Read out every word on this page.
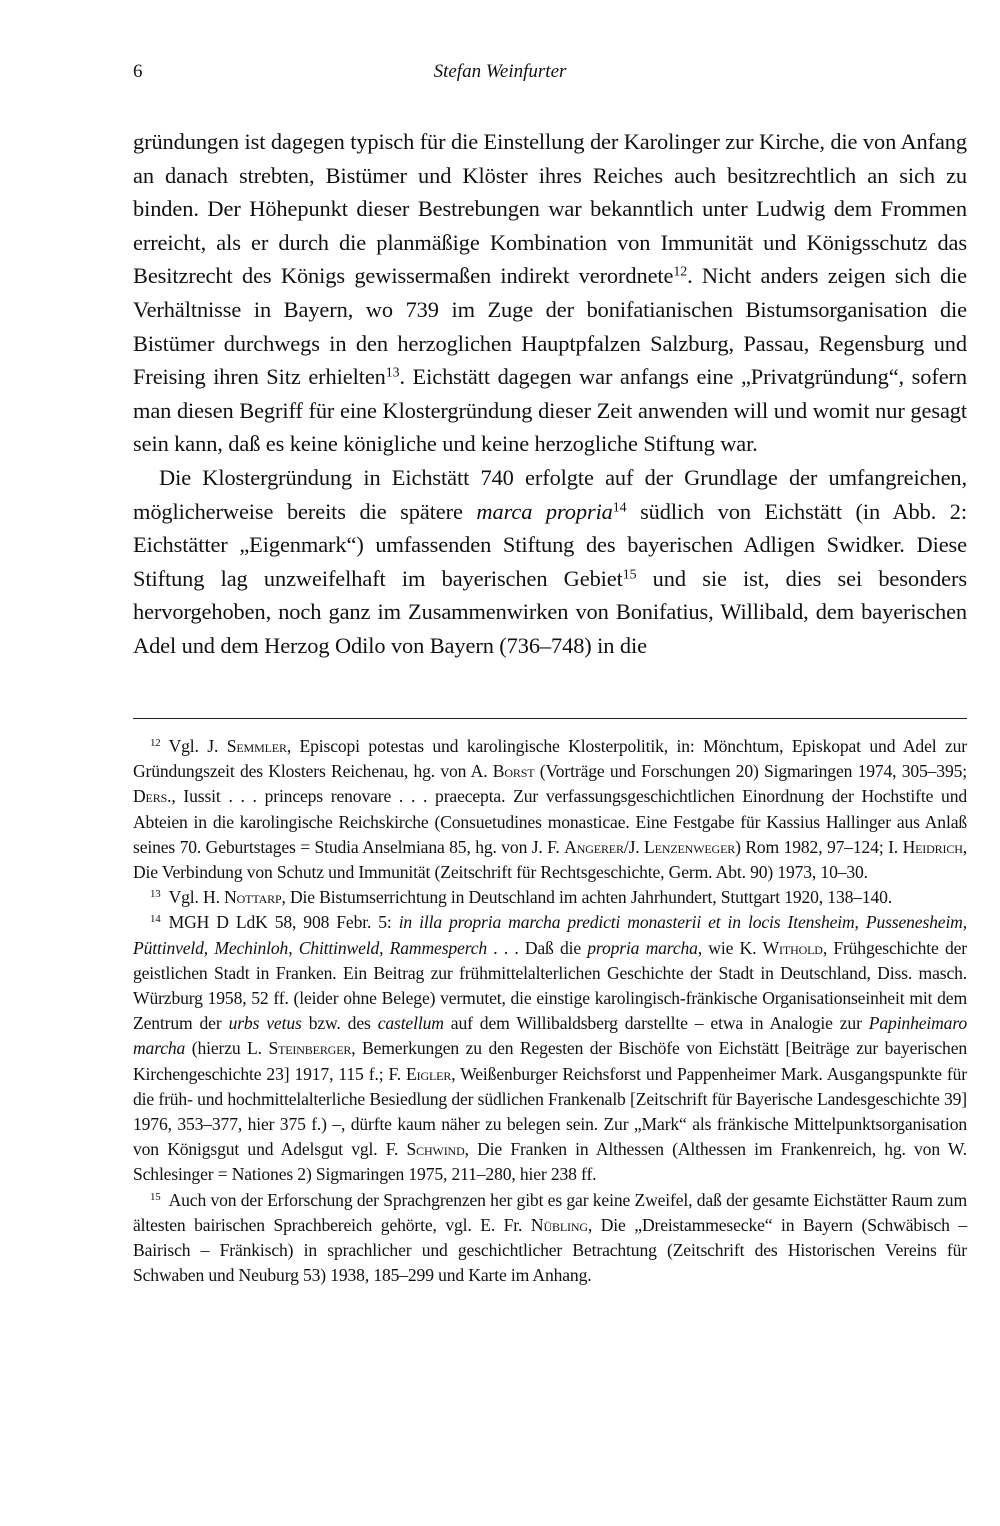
6	Stefan Weinfurter

gründungen ist dagegen typisch für die Einstellung der Karolinger zur Kirche, die von Anfang an danach strebten, Bistümer und Klöster ihres Reiches auch besitzrechtlich an sich zu binden. Der Höhepunkt dieser Bestrebungen war bekanntlich unter Ludwig dem Frommen erreicht, als er durch die planmäßige Kombination von Immunität und Königsschutz das Besitzrecht des Königs gewissermaßen indirekt verordnete$^{12}$. Nicht anders zeigen sich die Verhältnisse in Bayern, wo 739 im Zuge der bonifatianischen Bistumsorganisation die Bistümer durchwegs in den herzoglichen Hauptpfalzen Salzburg, Passau, Regensburg und Freising ihren Sitz erhielten$^{13}$. Eichstätt dagegen war anfangs eine „Privatgründung“, sofern man diesen Begriff für eine Klostergründung dieser Zeit anwenden will und womit nur gesagt sein kann, daß es keine königliche und keine herzogliche Stiftung war.

Die Klostergründung in Eichstätt 740 erfolgte auf der Grundlage der umfangreichen, möglicherweise bereits die spätere marca propria$^{14}$ südlich von Eichstätt (in Abb. 2: Eichstätter „Eigenmark“) umfassenden Stiftung des bayerischen Adligen Swidker. Diese Stiftung lag unzweifelhaft im bayerischen Gebiet$^{15}$ und sie ist, dies sei besonders hervorgehoben, noch ganz im Zusammenwirken von Bonifatius, Willibald, dem bayerischen Adel und dem Herzog Odilo von Bayern (736–748) in die

$^{12}$ Vgl. J. Semmler, Episcopi potestas und karolingische Klosterpolitik, in: Mönchtum, Episkopat und Adel zur Gründungszeit des Klosters Reichenau, hg. von A. Borst (Vorträge und Forschungen 20) Sigmaringen 1974, 305–395; Ders., Iussit . . . princeps renovare . . . praecepta. Zur verfassungsgeschichtlichen Einordnung der Hochstifte und Abteien in die karolingische Reichskirche (Consuetudines monasticae. Eine Festgabe für Kassius Hallinger aus Anlaß seines 70. Geburtstages = Studia Anselmiana 85, hg. von J. F. Angerer/J. Lenzenweger) Rom 1982, 97–124; I. Heidrich, Die Verbindung von Schutz und Immunität (Zeitschrift für Rechtsgeschichte, Germ. Abt. 90) 1973, 10–30.

$^{13}$ Vgl. H. Nottarp, Die Bistumserrichtung in Deutschland im achten Jahrhundert, Stuttgart 1920, 138–140.

$^{14}$ MGH D LdK 58, 908 Febr. 5: in illa propria marcha predicti monasterii et in locis Itensheim, Pussenesheim, Püttinveld, Mechinloh, Chittinweld, Rammesperch . . . Daß die propria marcha, wie K. Withold, Frühgeschichte der geistlichen Stadt in Franken. Ein Beitrag zur frühmittelalterlichen Geschichte der Stadt in Deutschland, Diss. masch. Würzburg 1958, 52 ff. (leider ohne Belege) vermutet, die einstige karolingisch-fränkische Organisationseinheit mit dem Zentrum der urbs vetus bzw. des castellum auf dem Willibaldsberg darstellte – etwa in Analogie zur Papinheimaro marcha (hierzu L. Steinberger, Bemerkungen zu den Regesten der Bischöfe von Eichstätt [Beiträge zur bayerischen Kirchengeschichte 23] 1917, 115 f.; F. Eigler, Weißenburger Reichsforst und Pappenheimer Mark. Ausgangspunkte für die früh- und hochmittelalterliche Besiedlung der südlichen Frankenalb [Zeitschrift für Bayerische Landesgeschichte 39] 1976, 353–377, hier 375 f.) –, dürfte kaum näher zu belegen sein. Zur „Mark“ als fränkische Mittelpunktsorganisation von Königsgut und Adelsgut vgl. F. Schwind, Die Franken in Althessen (Althessen im Frankenreich, hg. von W. Schlesinger = Nationes 2) Sigmaringen 1975, 211–280, hier 238 ff.

$^{15}$ Auch von der Erforschung der Sprachgrenzen her gibt es gar keine Zweifel, daß der gesamte Eichstätter Raum zum ältesten bairischen Sprachbereich gehörte, vgl. E. Fr. Nübling, Die „Dreistammesecke“ in Bayern (Schwäbisch – Bairisch – Fränkisch) in sprachlicher und geschichtlicher Betrachtung (Zeitschrift des Historischen Vereins für Schwaben und Neuburg 53) 1938, 185–299 und Karte im Anhang.
